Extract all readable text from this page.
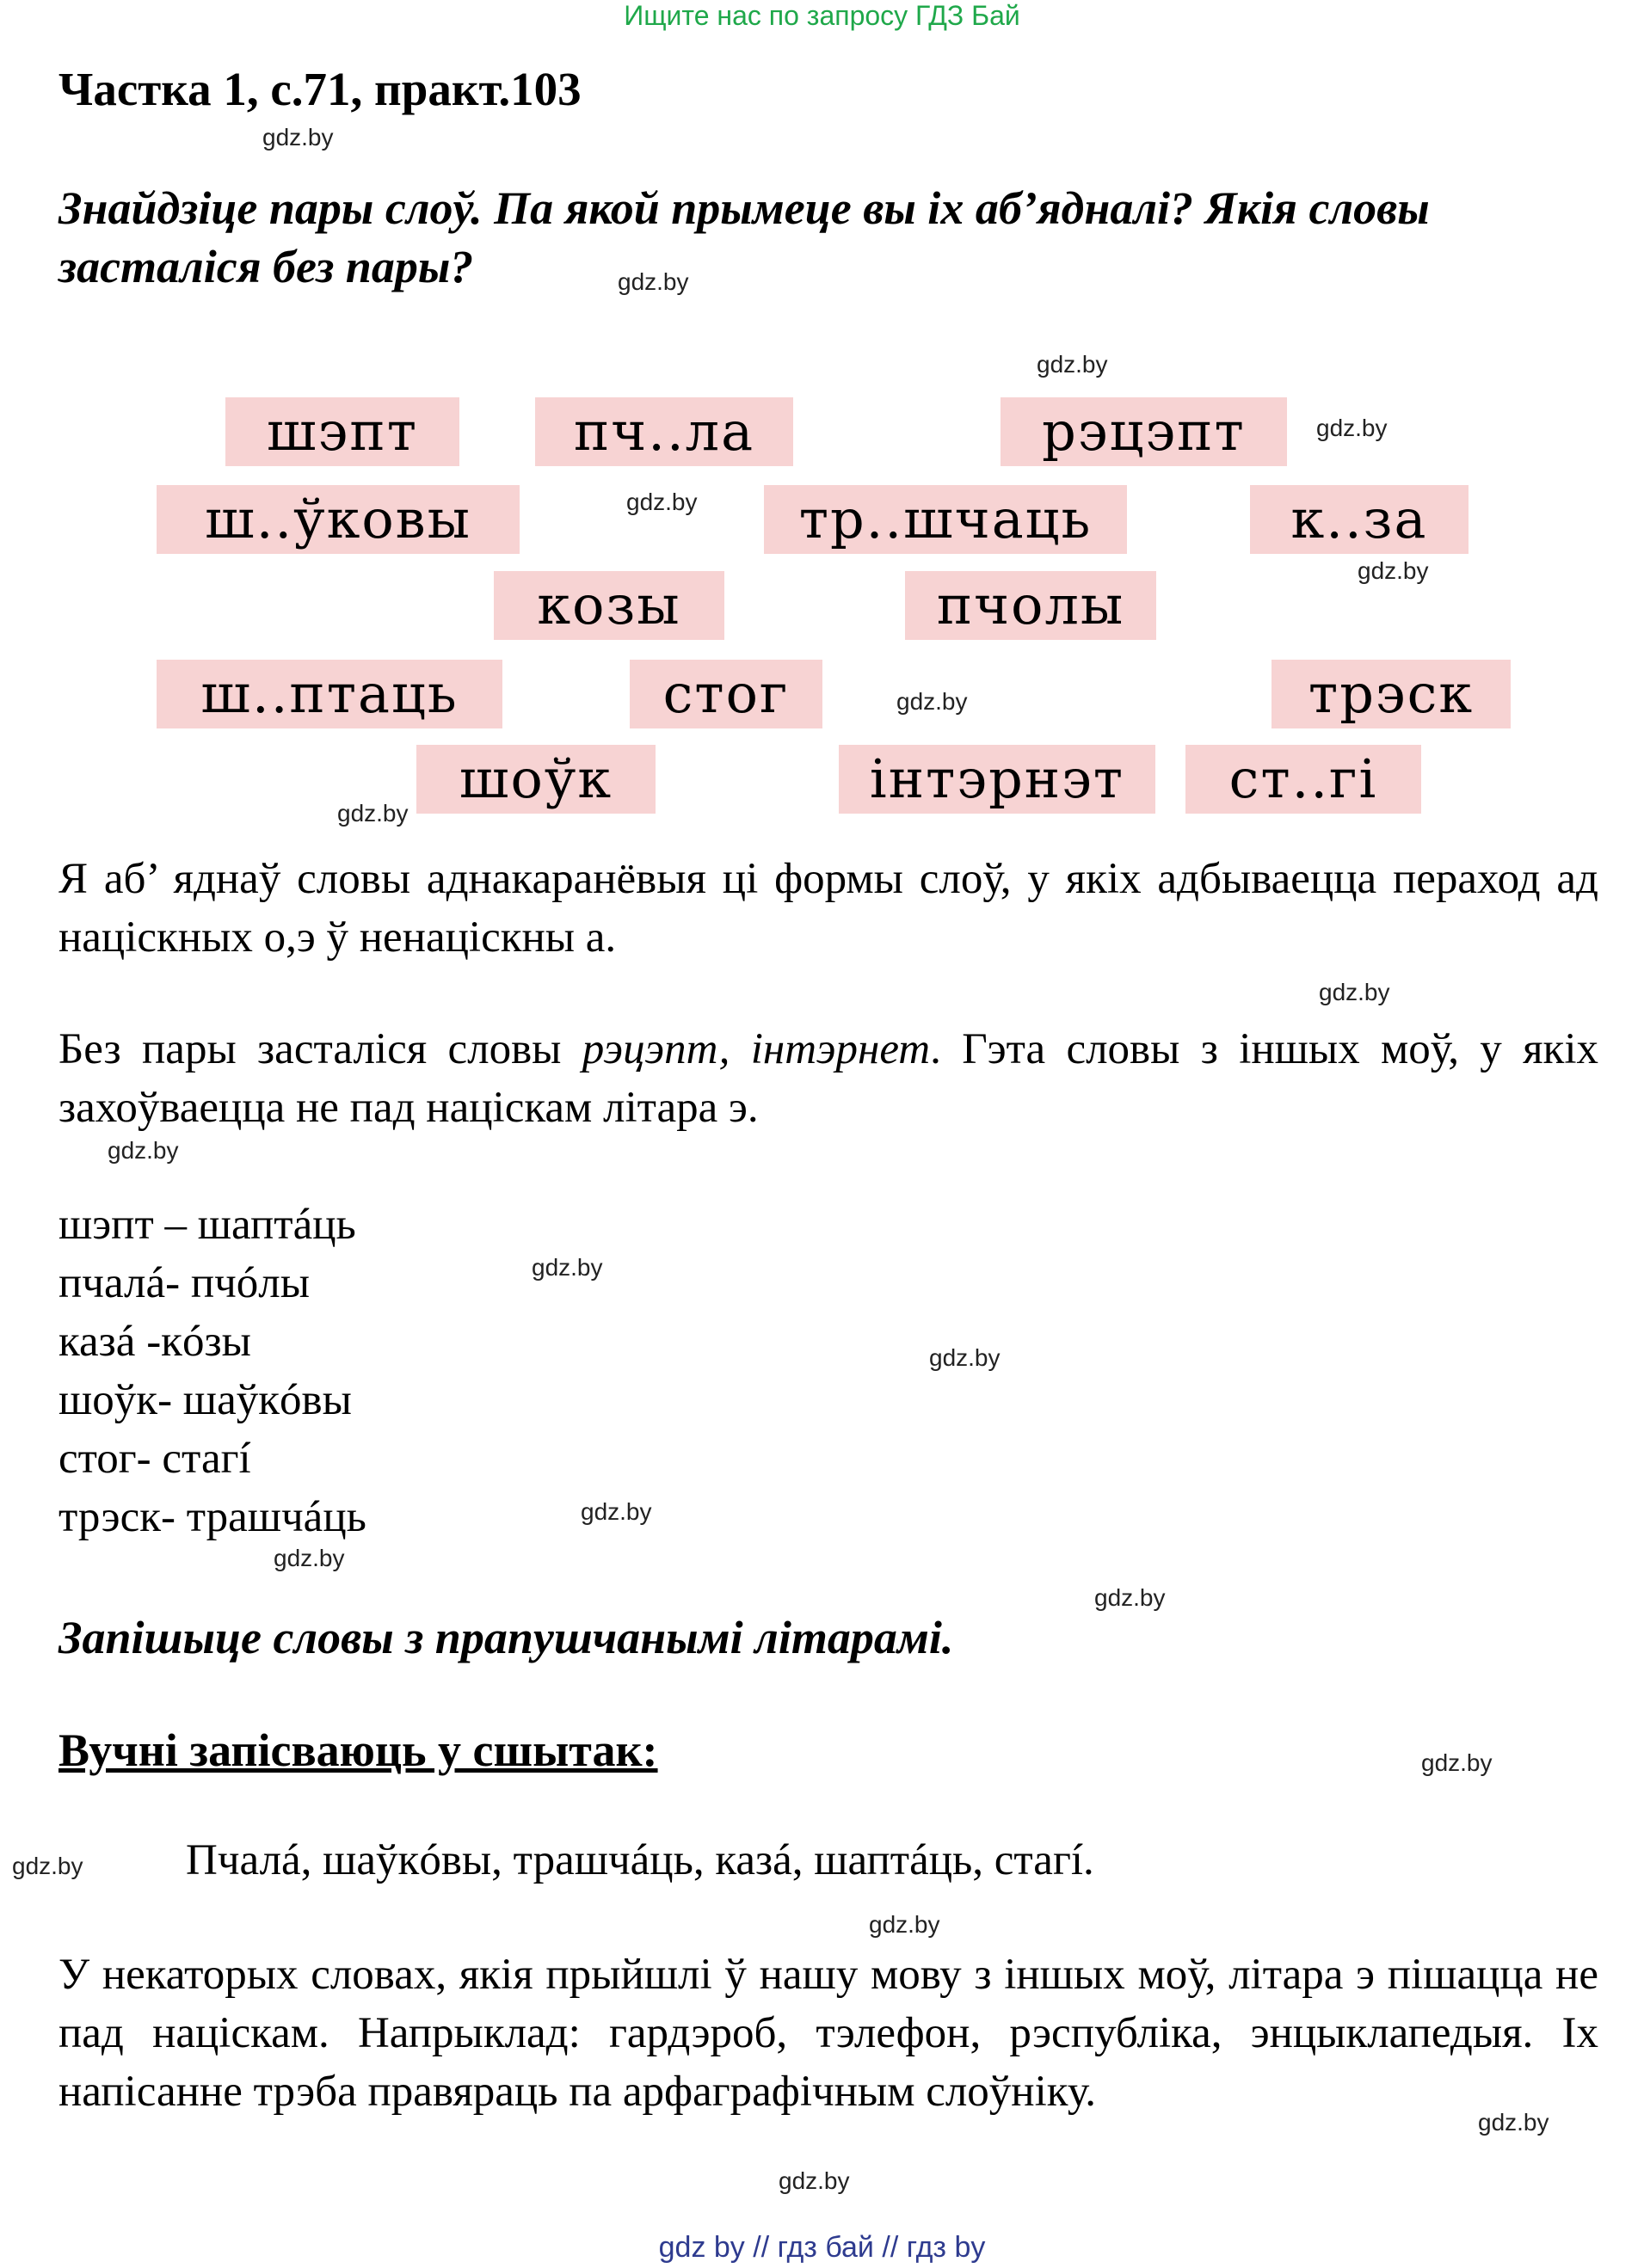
Ищите нас по запросу ГДЗ Бай
Частка 1, с.71, практ.103
Знайдзіце пары слоў. Па якой прымеце вы іх аб’ядналі? Якія словы
засталіся без пары?
шэпт	пч..ла	рэцэпт
ш..ўковы	тр..шчаць	к..за
козы	пчолы
ш..птаць	стог	трэск
шоўк	інтэрнэт	ст..гі
Я аб’ яднаў словы аднакаранёвыя ці формы слоў, у якіх адбываецца пераход ад націскных о,э ў ненаціскны а.
Без пары засталіся словы рэцэпт, інтэрнет. Гэта словы з іншых моў, у якіх захоўваецца не пад націскам літара э.
шэпт – шаптáць
пчалá- пчóлы
казá -кóзы
шоўк- шаўкóвы
стог- стагí
трэск- трашчáць
Запішыце словы з прапушчанымі літарамі.
Вучні запісваюць у сшытак:
Пчалá, шаўкóвы, трашчáць, казá, шаптáць, стагí.
У некаторых словах, якія прыйшлі ў нашу мову з іншых моў, літара э пішацца не пад націскам. Напрыклад: гардэроб, тэлефон, рэспубліка, энцыклапедыя. Іх напісанне трэба правяраць па арфаграфічным слоўніку.
gdz.by
gdz.by
gdz.by
gdz.by
gdz.by
gdz.by
gdz.by
gdz.by
gdz.by
gdz.by
gdz.by
gdz.by
gdz.by
gdz.by
gdz.by
gdz.by
gdz.by
gdz.by
gdz.by
gdz.by
gdz by // гдз бай // гдз by
